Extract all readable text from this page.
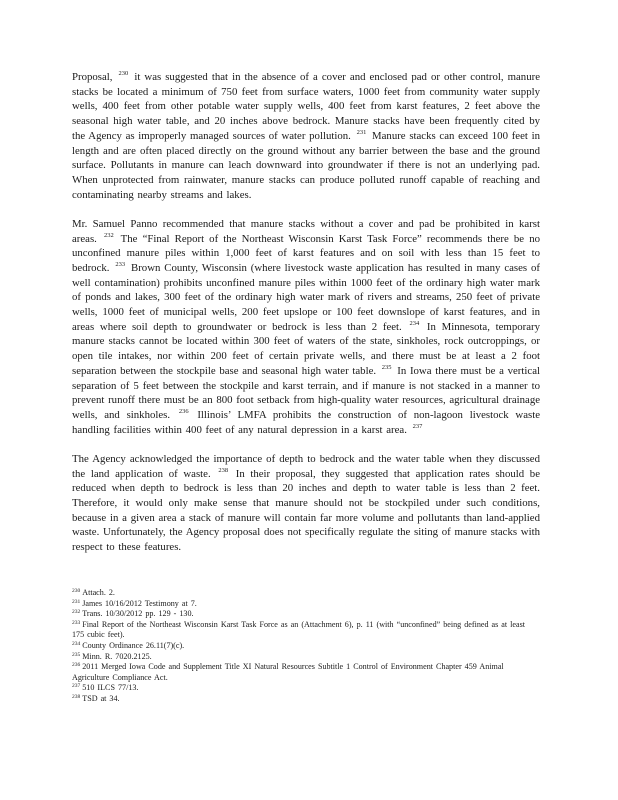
Proposal, $^{230}$ it was suggested that in the absence of a cover and enclosed pad or other control, manure stacks be located a minimum of 750 feet from surface waters, 1000 feet from community water supply wells, 400 feet from other potable water supply wells, 400 feet from karst features, 2 feet above the seasonal high water table, and 20 inches above bedrock. Manure stacks have been frequently cited by the Agency as improperly managed sources of water pollution. $^{231}$ Manure stacks can exceed 100 feet in length and are often placed directly on the ground without any barrier between the base and the ground surface. Pollutants in manure can leach downward into groundwater if there is not an underlying pad. When unprotected from rainwater, manure stacks can produce polluted runoff capable of reaching and contaminating nearby streams and lakes.

Mr. Samuel Panno recommended that manure stacks without a cover and pad be prohibited in karst areas. $^{232}$ The “Final Report of the Northeast Wisconsin Karst Task Force” recommends there be no unconfined manure piles within 1,000 feet of karst features and on soil with less than 15 feet to bedrock. $^{233}$ Brown County, Wisconsin (where livestock waste application has resulted in many cases of well contamination) prohibits unconfined manure piles within 1000 feet of the ordinary high water mark of ponds and lakes, 300 feet of the ordinary high water mark of rivers and streams, 250 feet of private wells, 1000 feet of municipal wells, 200 feet upslope or 100 feet downslope of karst features, and in areas where soil depth to groundwater or bedrock is less than 2 feet. $^{234}$ In Minnesota, temporary manure stacks cannot be located within 300 feet of waters of the state, sinkholes, rock outcroppings, or open tile intakes, nor within 200 feet of certain private wells, and there must be at least a 2 foot separation between the stockpile base and seasonal high water table. $^{235}$ In Iowa there must be a vertical separation of 5 feet between the stockpile and karst terrain, and if manure is not stacked in a manner to prevent runoff there must be an 800 foot setback from high-quality water resources, agricultural drainage wells, and sinkholes. $^{236}$ Illinois’ LMFA prohibits the construction of non-lagoon livestock waste handling facilities within 400 feet of any natural depression in a karst area. $^{237}$

The Agency acknowledged the importance of depth to bedrock and the water table when they discussed the land application of waste. $^{238}$ In their proposal, they suggested that application rates should be reduced when depth to bedrock is less than 20 inches and depth to water table is less than 2 feet. Therefore, it would only make sense that manure should not be stockpiled under such conditions, because in a given area a stack of manure will contain far more volume and pollutants than land-applied waste. Unfortunately, the Agency proposal does not specifically regulate the siting of manure stacks with respect to these features.

$^{230}$ Attach. 2.

$^{231}$ James 10/16/2012 Testimony at 7.

$^{232}$ Trans. 10/30/2012 pp. 129 - 130.

$^{233}$ Final Report of the Northeast Wisconsin Karst Task Force as an (Attachment 6), p. 11 (with “unconfined” being defined as at least 175 cubic feet).

$^{234}$ County Ordinance 26.11(7)(c).

$^{235}$ Minn. R. 7020.2125.

$^{236}$ 2011 Merged Iowa Code and Supplement Title XI Natural Resources Subtitle 1 Control of Environment Chapter 459 Animal Agriculture Compliance Act.

$^{237}$ 510 ILCS 77/13.

$^{238}$ TSD at 34.
